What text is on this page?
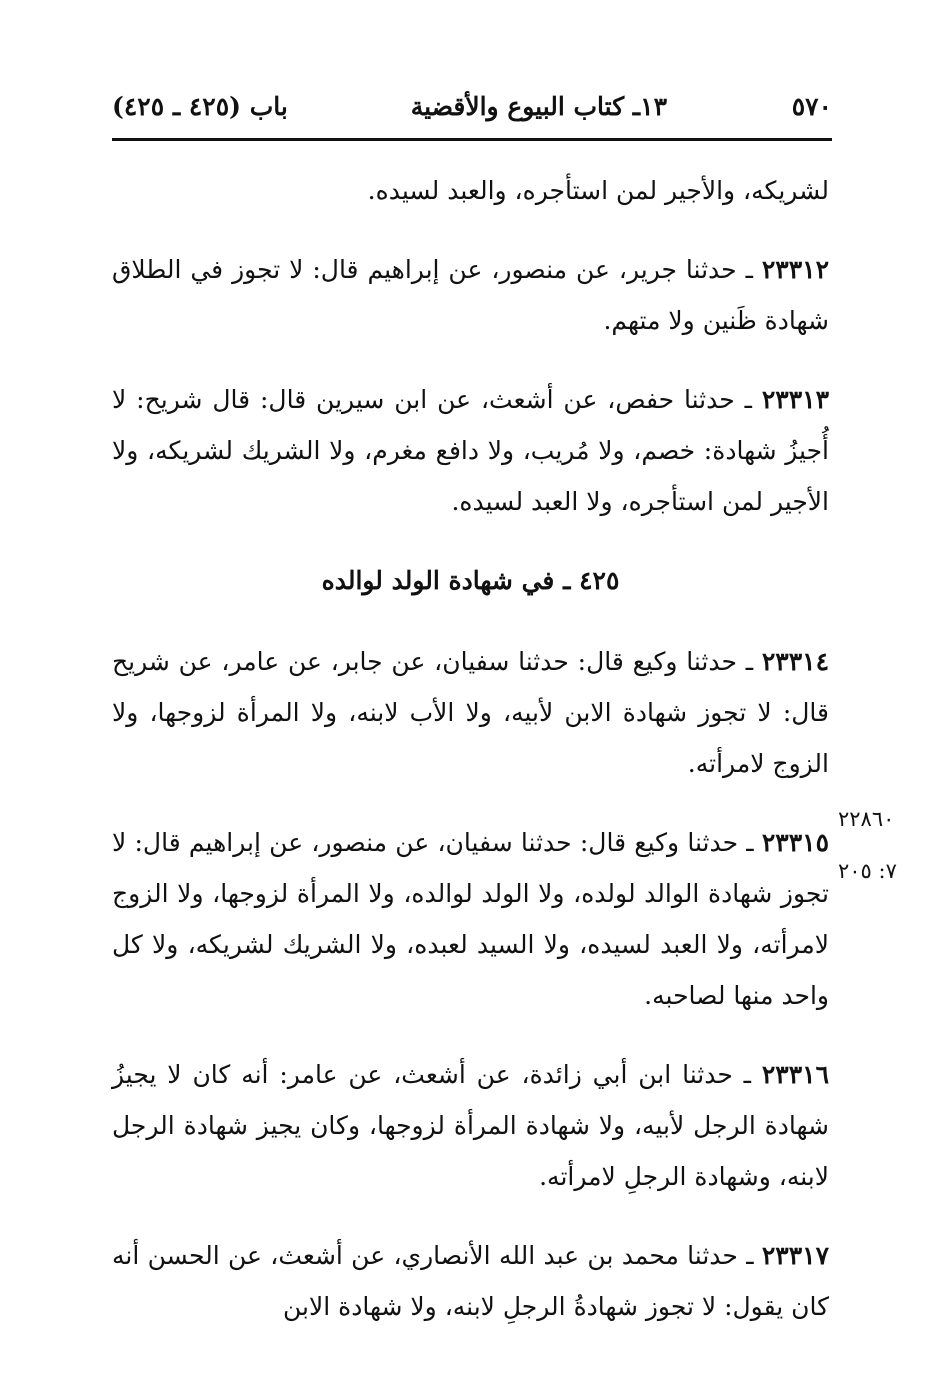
٥٧٠
١٣ـ كتاب البيوع والأقضية
باب (٤٢٥ ـ ٤٢٥)

لشريكه، والأجير لمن استأجره، والعبد لسيده.

٢٣٣١٢ ـ حدثنا جرير، عن منصور، عن إبراهيم قال: لا تجوز في الطلاق شهادة ظَنين ولا متهم.

٢٣٣١٣ ـ حدثنا حفص، عن أشعث، عن ابن سيرين قال: قال شريح: لا أُجيزُ شهادة: خصم، ولا مُريب، ولا دافع مغرم، ولا الشريك لشريكه، ولا الأجير لمن استأجره، ولا العبد لسيده.

٤٢٥ ـ في شهادة الولد لوالده

٢٣٣١٤ ـ حدثنا وكيع قال: حدثنا سفيان، عن جابر، عن عامر، عن شريح قال: لا تجوز شهادة الابن لأبيه، ولا الأب لابنه، ولا المرأة لزوجها، ولا الزوج لامرأته.

٢٣٣١٥ ـ حدثنا وكيع قال: حدثنا سفيان، عن منصور، عن إبراهيم قال: لا تجوز شهادة الوالد لولده، ولا الولد لوالده، ولا المرأة لزوجها، ولا الزوج لامرأته، ولا العبد لسيده، ولا السيد لعبده، ولا الشريك لشريكه، ولا كل واحد منها لصاحبه.

٢٣٣١٦ ـ حدثنا ابن أبي زائدة، عن أشعث، عن عامر: أنه كان لا يجيزُ شهادة الرجل لأبيه، ولا شهادة المرأة لزوجها، وكان يجيز شهادة الرجل لابنه، وشهادة الرجلِ لامرأته.

٢٣٣١٧ ـ حدثنا محمد بن عبد الله الأنصاري، عن أشعث، عن الحسن أنه كان يقول: لا تجوز شهادةُ الرجلِ لابنه، ولا شهادة الابن

٢٢٨٦٠
٧: ٢٠٥
